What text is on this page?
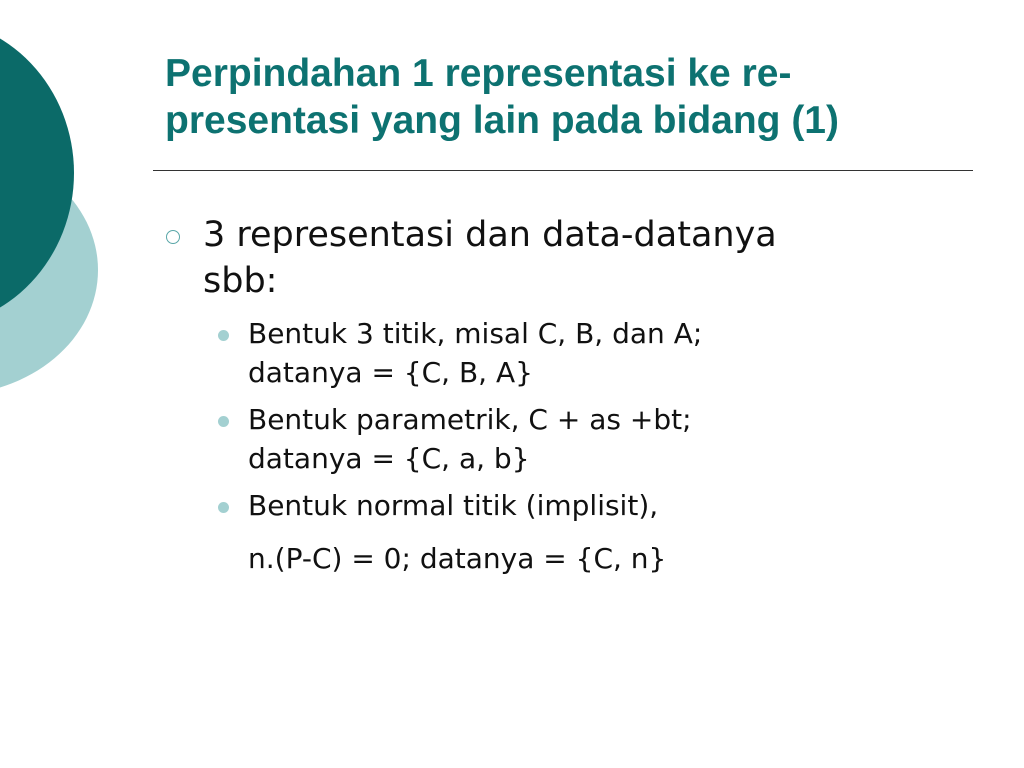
Perpindahan 1 representasi ke re-
presentasi yang lain pada bidang (1)
3 representasi dan data-datanya
sbb:
Bentuk 3 titik, misal C, B, dan A;
datanya = {C, B, A}
Bentuk parametrik, C + as +bt;
datanya = {C, a, b}
Bentuk normal titik (implisit),
n.(P-C) = 0; datanya = {C, n}
